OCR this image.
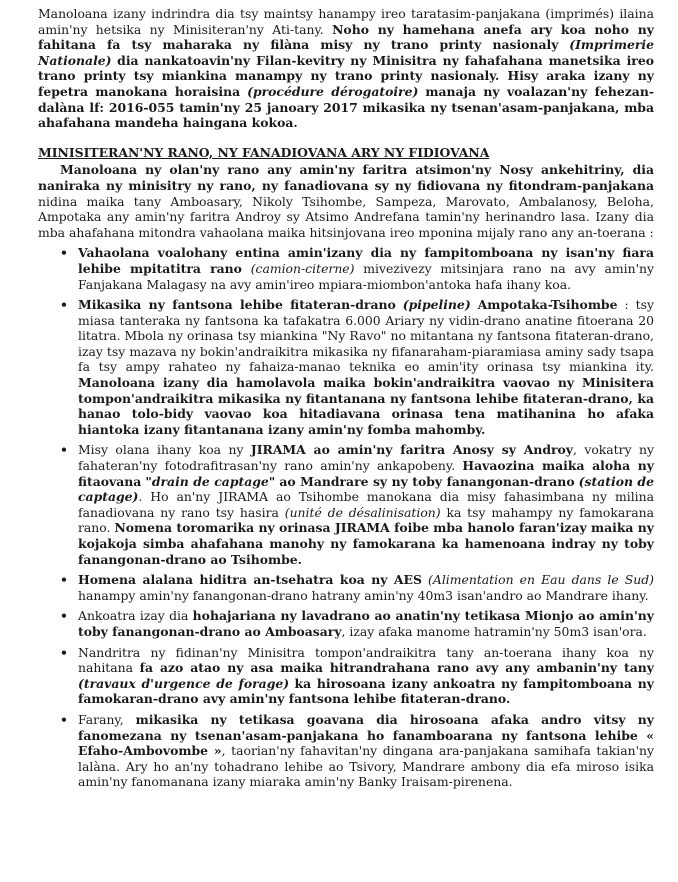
Manoloana izany indrindra dia tsy maintsy hanampy ireo taratasim-panjakana (imprimés) ilaina amin'ny hetsika ny Minisiteran'ny Ati-tany. Noho ny hamehana anefa ary koa noho ny fahitana fa tsy maharaka ny filàna misy ny trano printy nasionaly (Imprimerie Nationale) dia nankatoavin'ny Filan-kevitry ny Minisitra ny fahafahana manetsika ireo trano printy tsy miankina manampy ny trano printy nasionaly. Hisy araka izany ny fepetra manokana horaisina (procédure dérogatoire) manaja ny voalazan'ny fehezan-dalàna lf: 2016-055 tamin'ny 25 janoary 2017 mikasika ny tsenan'asam-panjakana, mba ahafahana mandeha haingana kokoa.

MINISITERAN'NY RANO, NY FANADIOVANA ARY NY FIDIOVANA

Manoloana ny olan'ny rano any amin'ny faritra atsimon'ny Nosy ankehitriny, dia naniraka ny minisitry ny rano, ny fanadiovana sy ny fidiovana ny fitondram-panjakana nidina maika tany Amboasary, Nikoly Tsihombe, Sampeza, Marovato, Ambalanosy, Beloha, Ampotaka any amin'ny faritra Androy sy Atsimo Andrefana tamin'ny herinandro lasa. Izany dia mba ahafahana mitondra vahaolana maika hitsinjovana ireo mponina mijaly rano any an-toerana :

• Vahaolana voalohany entina amin'izany dia ny fampitomboana ny isan'ny fiara lehibe mpitatitra rano (camion-citerne) mivezivezy mitsinjara rano na avy amin'ny Fanjakana Malagasy na avy amin'ireo mpiara-miombon'antoka hafa ihany koa.
• Mikasika ny fantsona lehibe fitateran-drano (pipeline) Ampotaka-Tsihombe : tsy miasa tanteraka ny fantsona ka tafakatra 6.000 Ariary ny vidin-drano anatine fitoerana 20 litatra. Mbola ny orinasa tsy miankina "Ny Ravo" no mitantana ny fantsona fitateran-drano, izay tsy mazava ny bokin'andraikitra mikasika ny fifanaraham-piaramiasa aminy sady tsapa fa tsy ampy rahateo ny fahaiza-manao teknika eo amin'ity orinasa tsy miankina ity. Manoloana izany dia hamolavola maika bokin'andraikitra vaovao ny Minisitera tompon'andraikitra mikasika ny fitantanana ny fantsona lehibe fitateran-drano, ka hanao tolo-bidy vaovao koa hitadiavana orinasa tena matihanina ho afaka hiantoka izany fitantanana izany amin'ny fomba mahomby.
• Misy olana ihany koa ny JIRAMA ao amin'ny faritra Anosy sy Androy, vokatry ny fahateran'ny fotodrafitrasan'ny rano amin'ny ankapobeny. Havaozina maika aloha ny fitaovana "drain de captage" ao Mandrare sy ny toby fanangonan-drano (station de captage). Ho an'ny JIRAMA ao Tsihombe manokana dia misy fahasimbana ny milina fanadiovana ny rano tsy hasira (unité de désalinisation) ka tsy mahampy ny famokarana rano. Nomena toromarika ny orinasa JIRAMA foibe mba hanolo faran'izay maika ny kojakoja simba ahafahana manohy ny famokarana ka hamenoana indray ny toby fanangonan-drano ao Tsihombe.
• Homena alalana hiditra an-tsehatra koa ny AES (Alimentation en Eau dans le Sud) hanampy amin'ny fanangonan-drano hatrany amin'ny 40m3 isan'andro ao Mandrare ihany.
• Ankoatra izay dia hohajariana ny lavadrano ao anatin'ny tetikasa Mionjo ao amin'ny toby fanangonan-drano ao Amboasary, izay afaka manome hatramin'ny 50m3 isan'ora.
• Nandritra ny fidinan'ny Minisitra tompon'andraikitra tany an-toerana ihany koa ny nahitana fa azo atao ny asa maika hitrandrahana rano avy any ambanin'ny tany (travaux d'urgence de forage) ka hirosoana izany ankoatra ny fampitomboana ny famokaran-drano avy amin'ny fantsona lehibe fitateran-drano.
• Farany, mikasika ny tetikasa goavana dia hirosoana afaka andro vitsy ny fanomezana ny tsenan'asam-panjakana ho fanamboarana ny fantsona lehibe « Efaho-Ambovombe », taorian'ny fahavitan'ny dingana ara-panjakana samihafa takian'ny lalàna. Ary ho an'ny tohadrano lehibe ao Tsivory, Mandrare ambony dia efa miroso isika amin'ny fanomanana izany miaraka amin'ny Banky Iraisam-pirenena.
